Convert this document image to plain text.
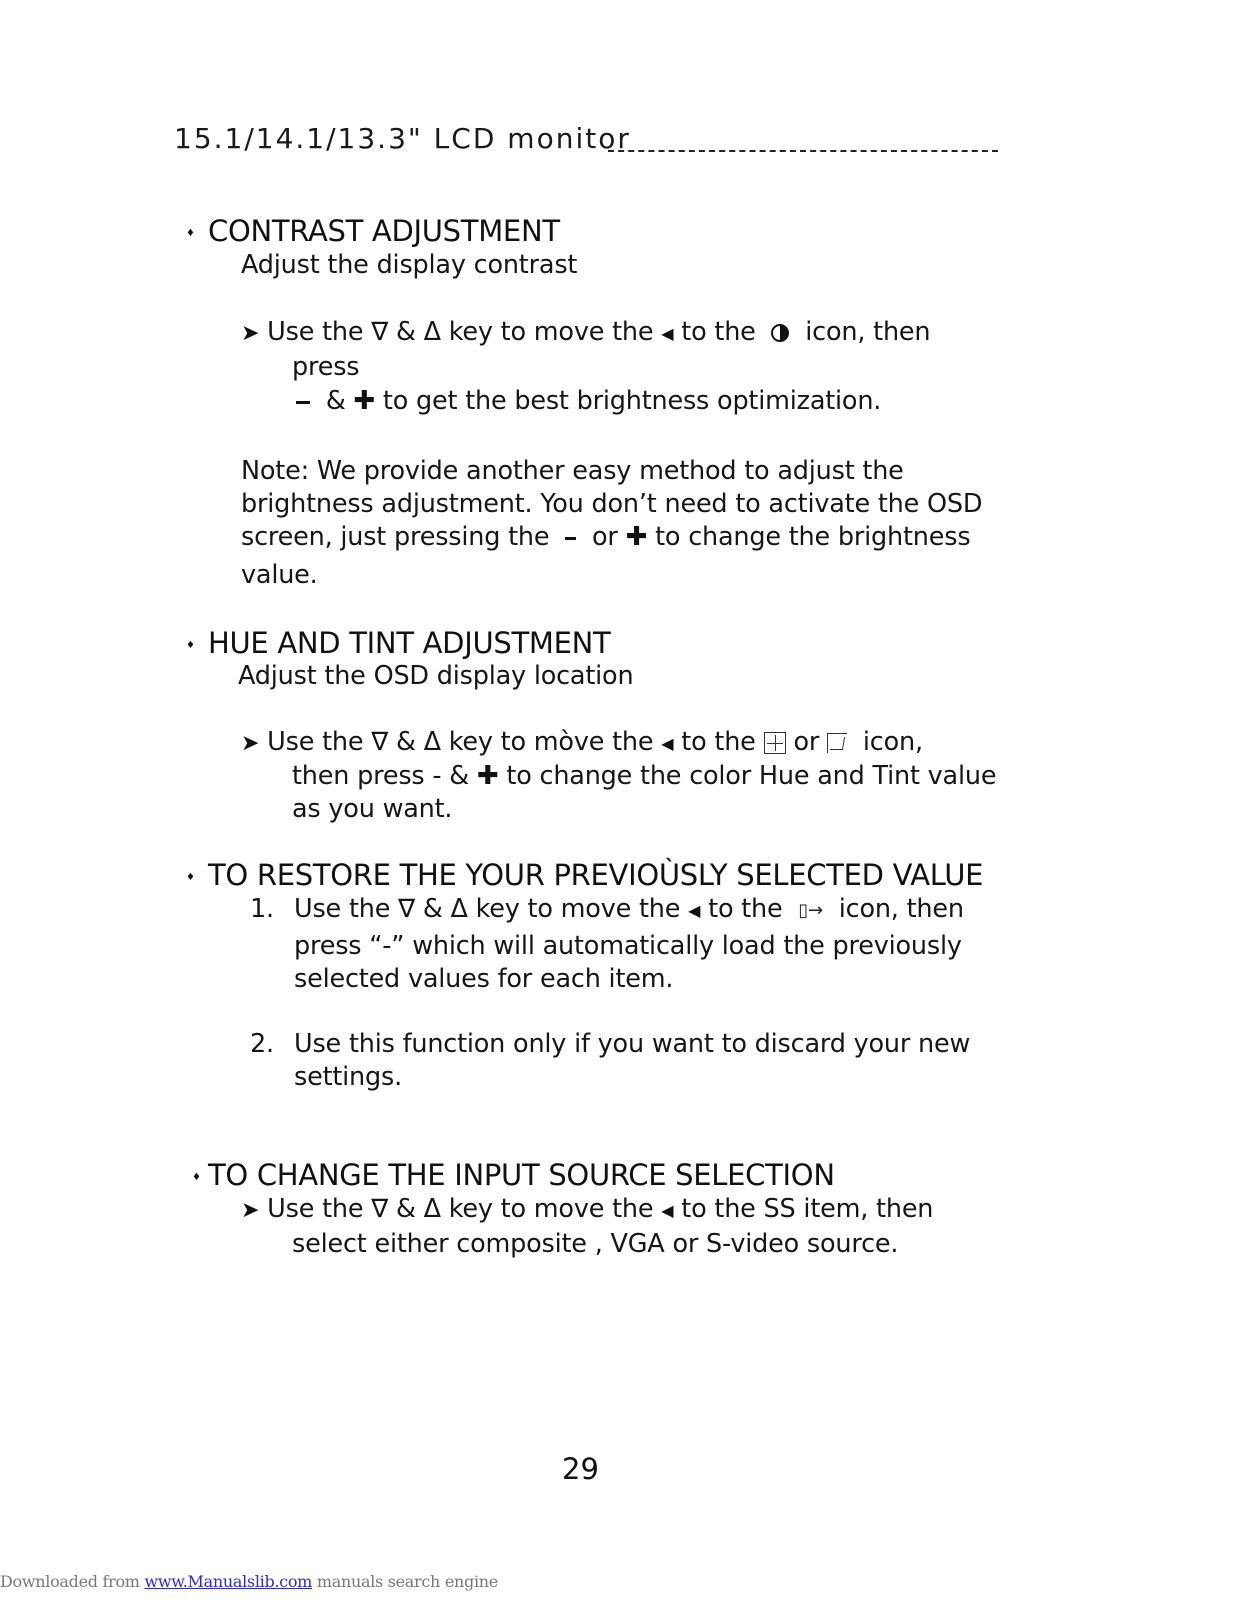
15.1/14.1/13.3" LCD monitor
♦ CONTRAST ADJUSTMENT
Adjust the display contrast
➤ Use the ∇ & Δ key to move the ◀ to the icon, then
press
& ✚ to get the best brightness optimization.
Note: We provide another easy method to adjust the
brightness adjustment. You don’t need to activate the OSD
screen, just pressing the or ✚ to change the brightness
value.
♦ HUE AND TINT ADJUSTMENT
Adjust the OSD display location
➤ Use the ∇ & Δ key to mòve the ◀ to the or icon,
then press - & ✚ to change the color Hue and Tint value
as you want.
♦ TO RESTORE THE YOUR PREVIOÙSLY SELECTED VALUE
1. Use the ∇ & Δ key to move the ◀ to the ▯→ icon, then
press “-” which will automatically load the previously
selected values for each item.
2. Use this function only if you want to discard your new
settings.
♦ TO CHANGE THE INPUT SOURCE SELECTION
➤ Use the ∇ & Δ key to move the ◀ to the SS item, then
select either composite , VGA or S-video source.
29
Downloaded from www.Manualslib.com manuals search engine
